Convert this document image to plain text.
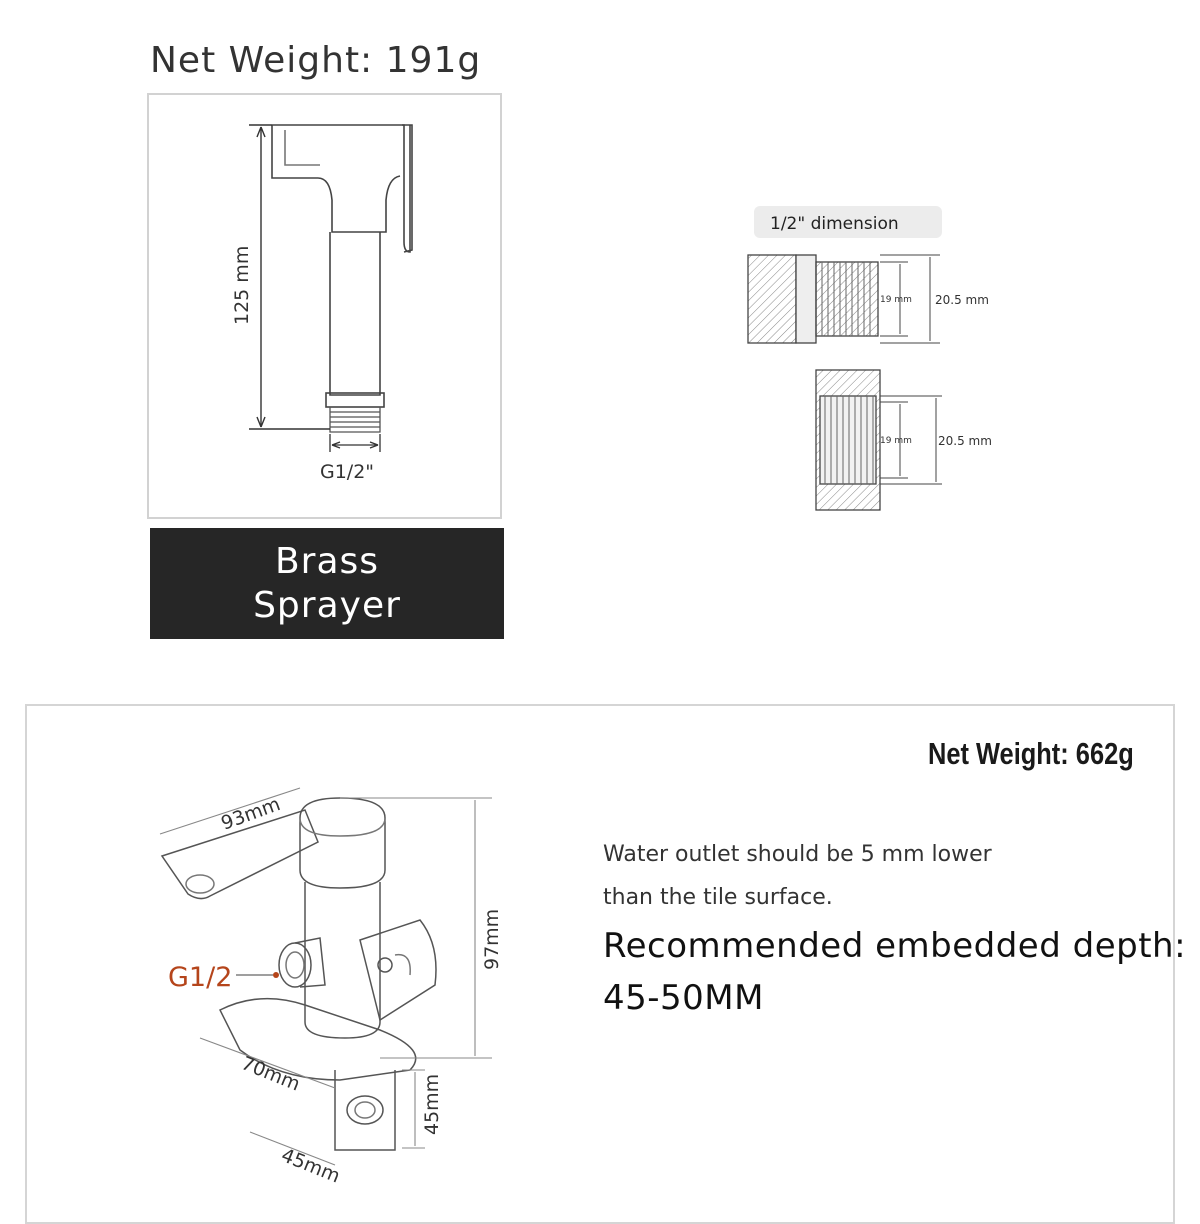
Net Weight: 191g
125 mm
G1/2"
Brass
Sprayer
1/2" dimension
19 mm 20.5 mm
19 mm 20.5 mm
Net Weight: 662g
93mm
97mm
G1/2
70mm	45mm
45mm
Water outlet should be 5 mm lower
than the tile surface.
Recommended embedded depth:
45-50MM
